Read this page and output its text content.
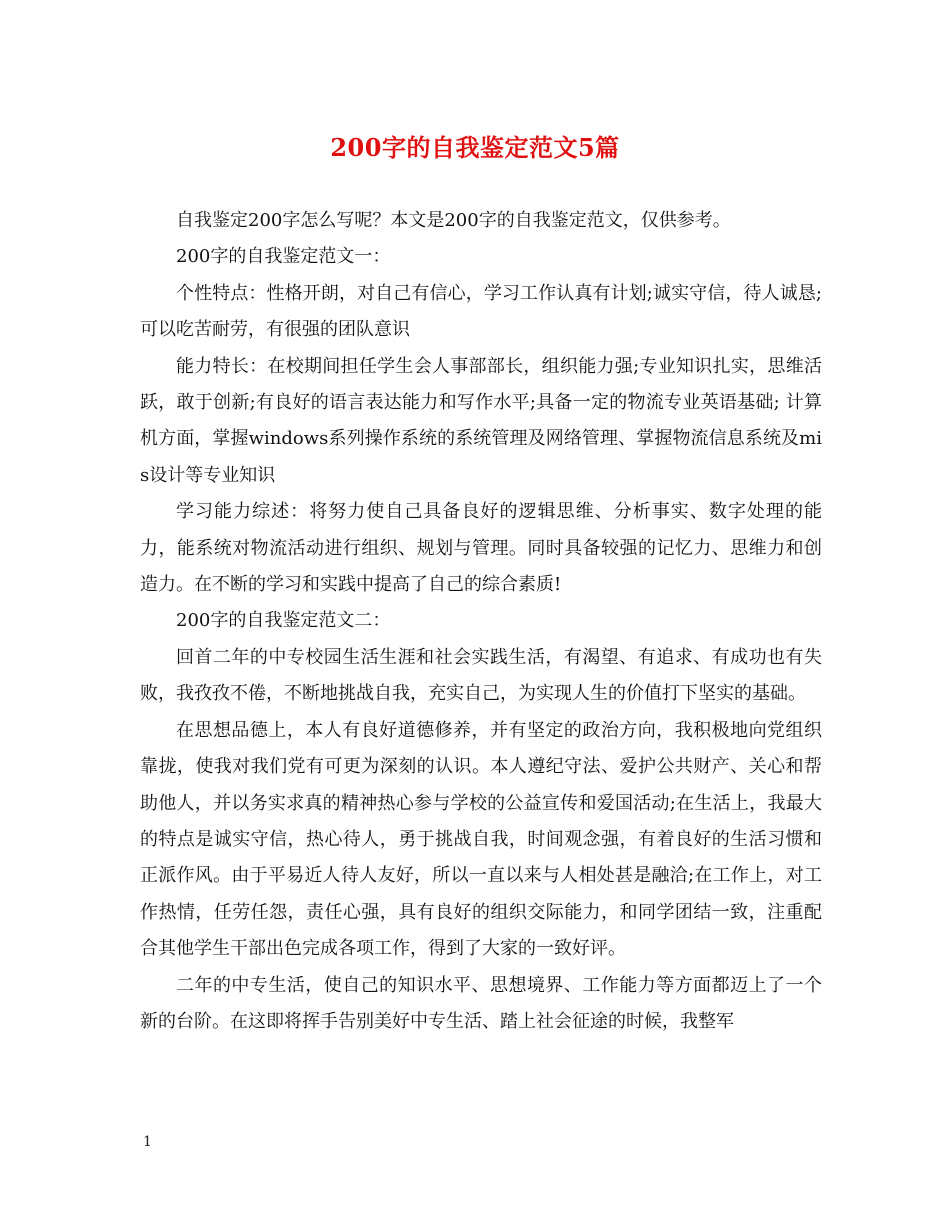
200字的自我鉴定范文5篇

自我鉴定200字怎么写呢？本文是200字的自我鉴定范文，仅供参考。

200字的自我鉴定范文一：

个性特点：性格开朗，对自己有信心，学习工作认真有计划;诚实守信，待人诚恳;可以吃苦耐劳，有很强的团队意识

能力特长：在校期间担任学生会人事部部长，组织能力强;专业知识扎实，思维活跃，敢于创新;有良好的语言表达能力和写作水平;具备一定的物流专业英语基础; 计算机方面，掌握windows系列操作系统的系统管理及网络管理、掌握物流信息系统及mis设计等专业知识

学习能力综述：将努力使自己具备良好的逻辑思维、分析事实、数字处理的能力，能系统对物流活动进行组织、规划与管理。同时具备较强的记忆力、思维力和创造力。在不断的学习和实践中提高了自己的综合素质!

200字的自我鉴定范文二：

回首二年的中专校园生活生涯和社会实践生活，有渴望、有追求、有成功也有失败，我孜孜不倦，不断地挑战自我，充实自己，为实现人生的价值打下坚实的基础。

在思想品德上，本人有良好道德修养，并有坚定的政治方向，我积极地向党组织靠拢，使我对我们党有可更为深刻的认识。本人遵纪守法、爱护公共财产、关心和帮助他人，并以务实求真的精神热心参与学校的公益宣传和爱国活动;在生活上，我最大的特点是诚实守信，热心待人，勇于挑战自我，时间观念强，有着良好的生活习惯和正派作风。由于平易近人待人友好，所以一直以来与人相处甚是融洽;在工作上，对工作热情，任劳任怨，责任心强，具有良好的组织交际能力，和同学团结一致，注重配合其他学生干部出色完成各项工作，得到了大家的一致好评。

二年的中专生活，使自己的知识水平、思想境界、工作能力等方面都迈上了一个新的台阶。在这即将挥手告别美好中专生活、踏上社会征途的时候，我整军

1
